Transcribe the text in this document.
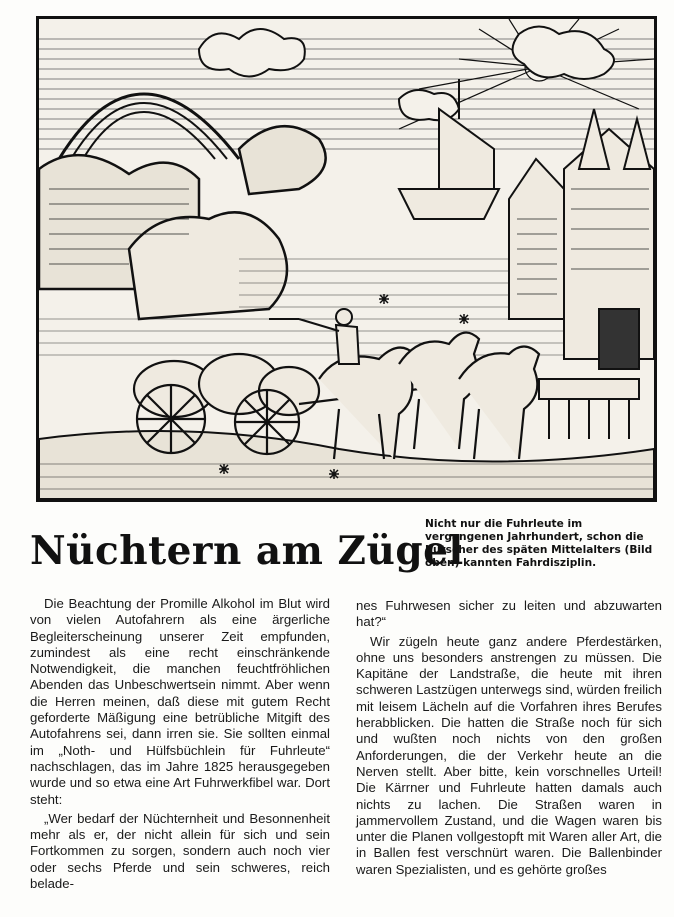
Nüchtern am Zügel
Nicht nur die Fuhrleute im vergangenen Jahrhundert, schon die Kutscher des späten Mittelalters (Bild oben) kannten Fahrdisziplin.

Die Beachtung der Promille Alkohol im Blut wird von vielen Autofahrern als eine ärgerliche Begleiterscheinung unserer Zeit empfunden, zumindest als eine recht einschränkende Notwendigkeit, die manchen feuchtfröhlichen Abenden das Unbeschwertsein nimmt. Aber wenn die Herren meinen, daß diese mit gutem Recht geforderte Mäßigung eine betrübliche Mitgift des Autofahrens sei, dann irren sie. Sie sollten einmal im „Noth- und Hülfsbüchlein für Fuhrleute“ nachschlagen, das im Jahre 1825 herausgegeben wurde und so etwa eine Art Fuhrwerkfibel war. Dort steht:

„Wer bedarf der Nüchternheit und Besonnenheit mehr als er, der nicht allein für sich und sein Fortkommen zu sorgen, sondern auch noch vier oder sechs Pferde und sein schweres, reich belade-

nes Fuhrwesen sicher zu leiten und abzuwarten hat?“

Wir zügeln heute ganz andere Pferdestärken, ohne uns besonders anstrengen zu müssen. Die Kapitäne der Landstraße, die heute mit ihren schweren Lastzügen unterwegs sind, würden freilich mit leisem Lächeln auf die Vorfahren ihres Berufes herabblicken. Die hatten die Straße noch für sich und wußten noch nichts von den großen Anforderungen, die der Verkehr heute an die Nerven stellt. Aber bitte, kein vorschnelles Urteil! Die Kärrner und Fuhrleute hatten damals auch nichts zu lachen. Die Straßen waren in jammervollem Zustand, und die Wagen waren bis unter die Planen vollgestopft mit Waren aller Art, die in Ballen fest verschnürt waren. Die Ballenbinder waren Spezialisten, und es gehörte großes
